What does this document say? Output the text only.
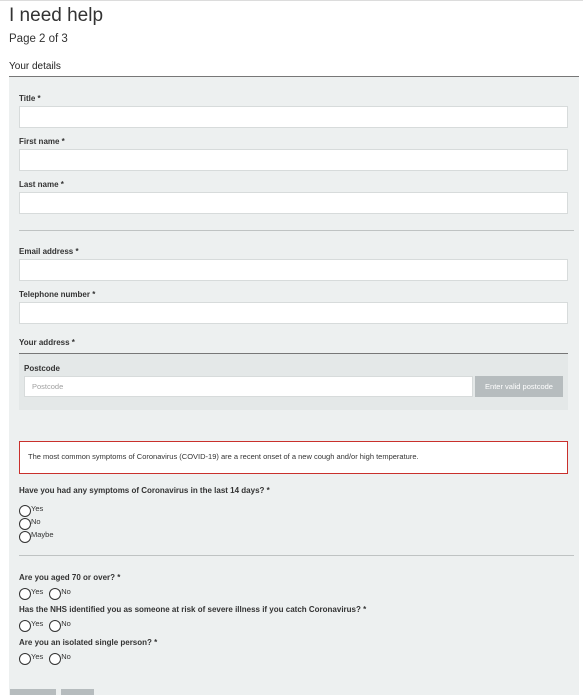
I need help
Page 2 of 3
Your details
Title *
First name *
Last name *
Email address *
Telephone number *
Your address *
Postcode
Postcode
Enter valid postcode
The most common symptoms of Coronavirus (COVID-19) are a recent onset of a new cough and/or high temperature.
Have you had any symptoms of Coronavirus in the last 14 days? *
Yes
No
Maybe
Are you aged 70 or over? *
Yes No
Has the NHS identified you as someone at risk of severe illness if you catch Coronavirus? *
Yes No
Are you an isolated single person? *
Yes No
